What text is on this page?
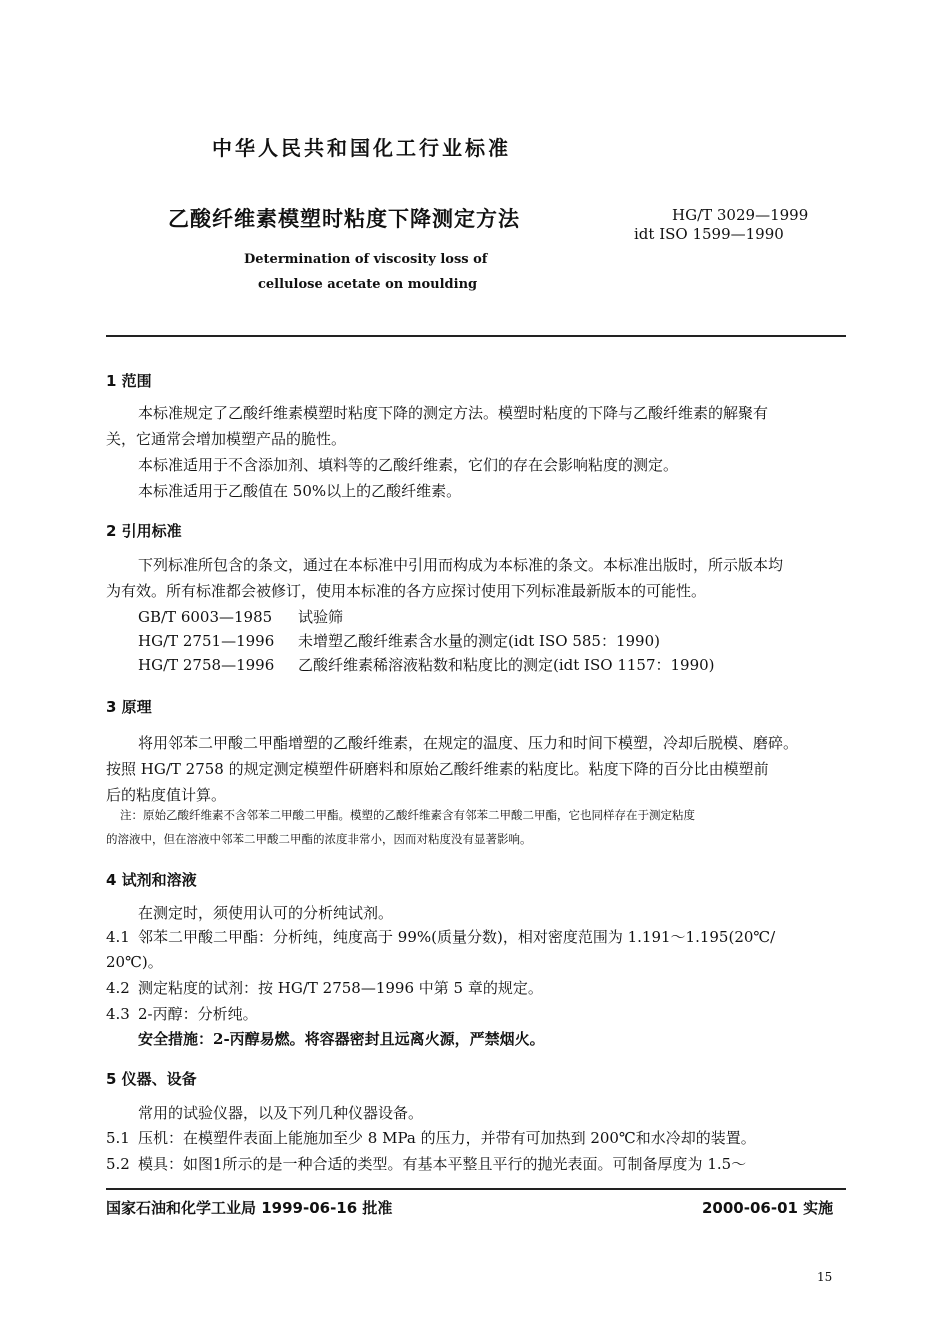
中华人民共和国化工行业标准
乙酸纤维素模塑时粘度下降测定方法	HG/T 3029—1999
idt ISO 1599—1990
Determination of viscosity loss of
cellulose acetate on moulding
1 范围
本标准规定了乙酸纤维素模塑时粘度下降的测定方法。模塑时粘度的下降与乙酸纤维素的解聚有
关，它通常会增加模塑产品的脆性。
本标准适用于不含添加剂、填料等的乙酸纤维素，它们的存在会影响粘度的测定。
本标准适用于乙酸值在 50%以上的乙酸纤维素。
2 引用标准
下列标准所包含的条文，通过在本标准中引用而构成为本标准的条文。本标准出版时，所示版本均
为有效。所有标准都会被修订，使用本标准的各方应探讨使用下列标准最新版本的可能性。
GB/T 6003—1985 试验筛
HG/T 2751—1996 未增塑乙酸纤维素含水量的测定(idt ISO 585：1990)
HG/T 2758—1996 乙酸纤维素稀溶液粘数和粘度比的测定(idt ISO 1157：1990)
3 原理
将用邻苯二甲酸二甲酯增塑的乙酸纤维素，在规定的温度、压力和时间下模塑，冷却后脱模、磨碎。
按照 HG/T 2758 的规定测定模塑件研磨料和原始乙酸纤维素的粘度比。粘度下降的百分比由模塑前
后的粘度值计算。
注：原始乙酸纤维素不含邻苯二甲酸二甲酯。模塑的乙酸纤维素含有邻苯二甲酸二甲酯，它也同样存在于测定粘度
的溶液中，但在溶液中邻苯二甲酸二甲酯的浓度非常小，因而对粘度没有显著影响。
4 试剂和溶液
在测定时，须使用认可的分析纯试剂。
4.1 邻苯二甲酸二甲酯：分析纯，纯度高于 99%(质量分数)，相对密度范围为 1.191～1.195(20℃/
20℃)。
4.2 测定粘度的试剂：按 HG/T 2758—1996 中第 5 章的规定。
4.3 2-丙醇：分析纯。
安全措施：2-丙醇易燃。将容器密封且远离火源，严禁烟火。
5 仪器、设备
常用的试验仪器，以及下列几种仪器设备。
5.1 压机：在模塑件表面上能施加至少 8 MPa 的压力，并带有可加热到 200℃和水冷却的装置。
5.2 模具：如图1所示的是一种合适的类型。有基本平整且平行的抛光表面。可制备厚度为 1.5～
国家石油和化学工业局 1999-06-16 批准	2000-06-01 实施
15
